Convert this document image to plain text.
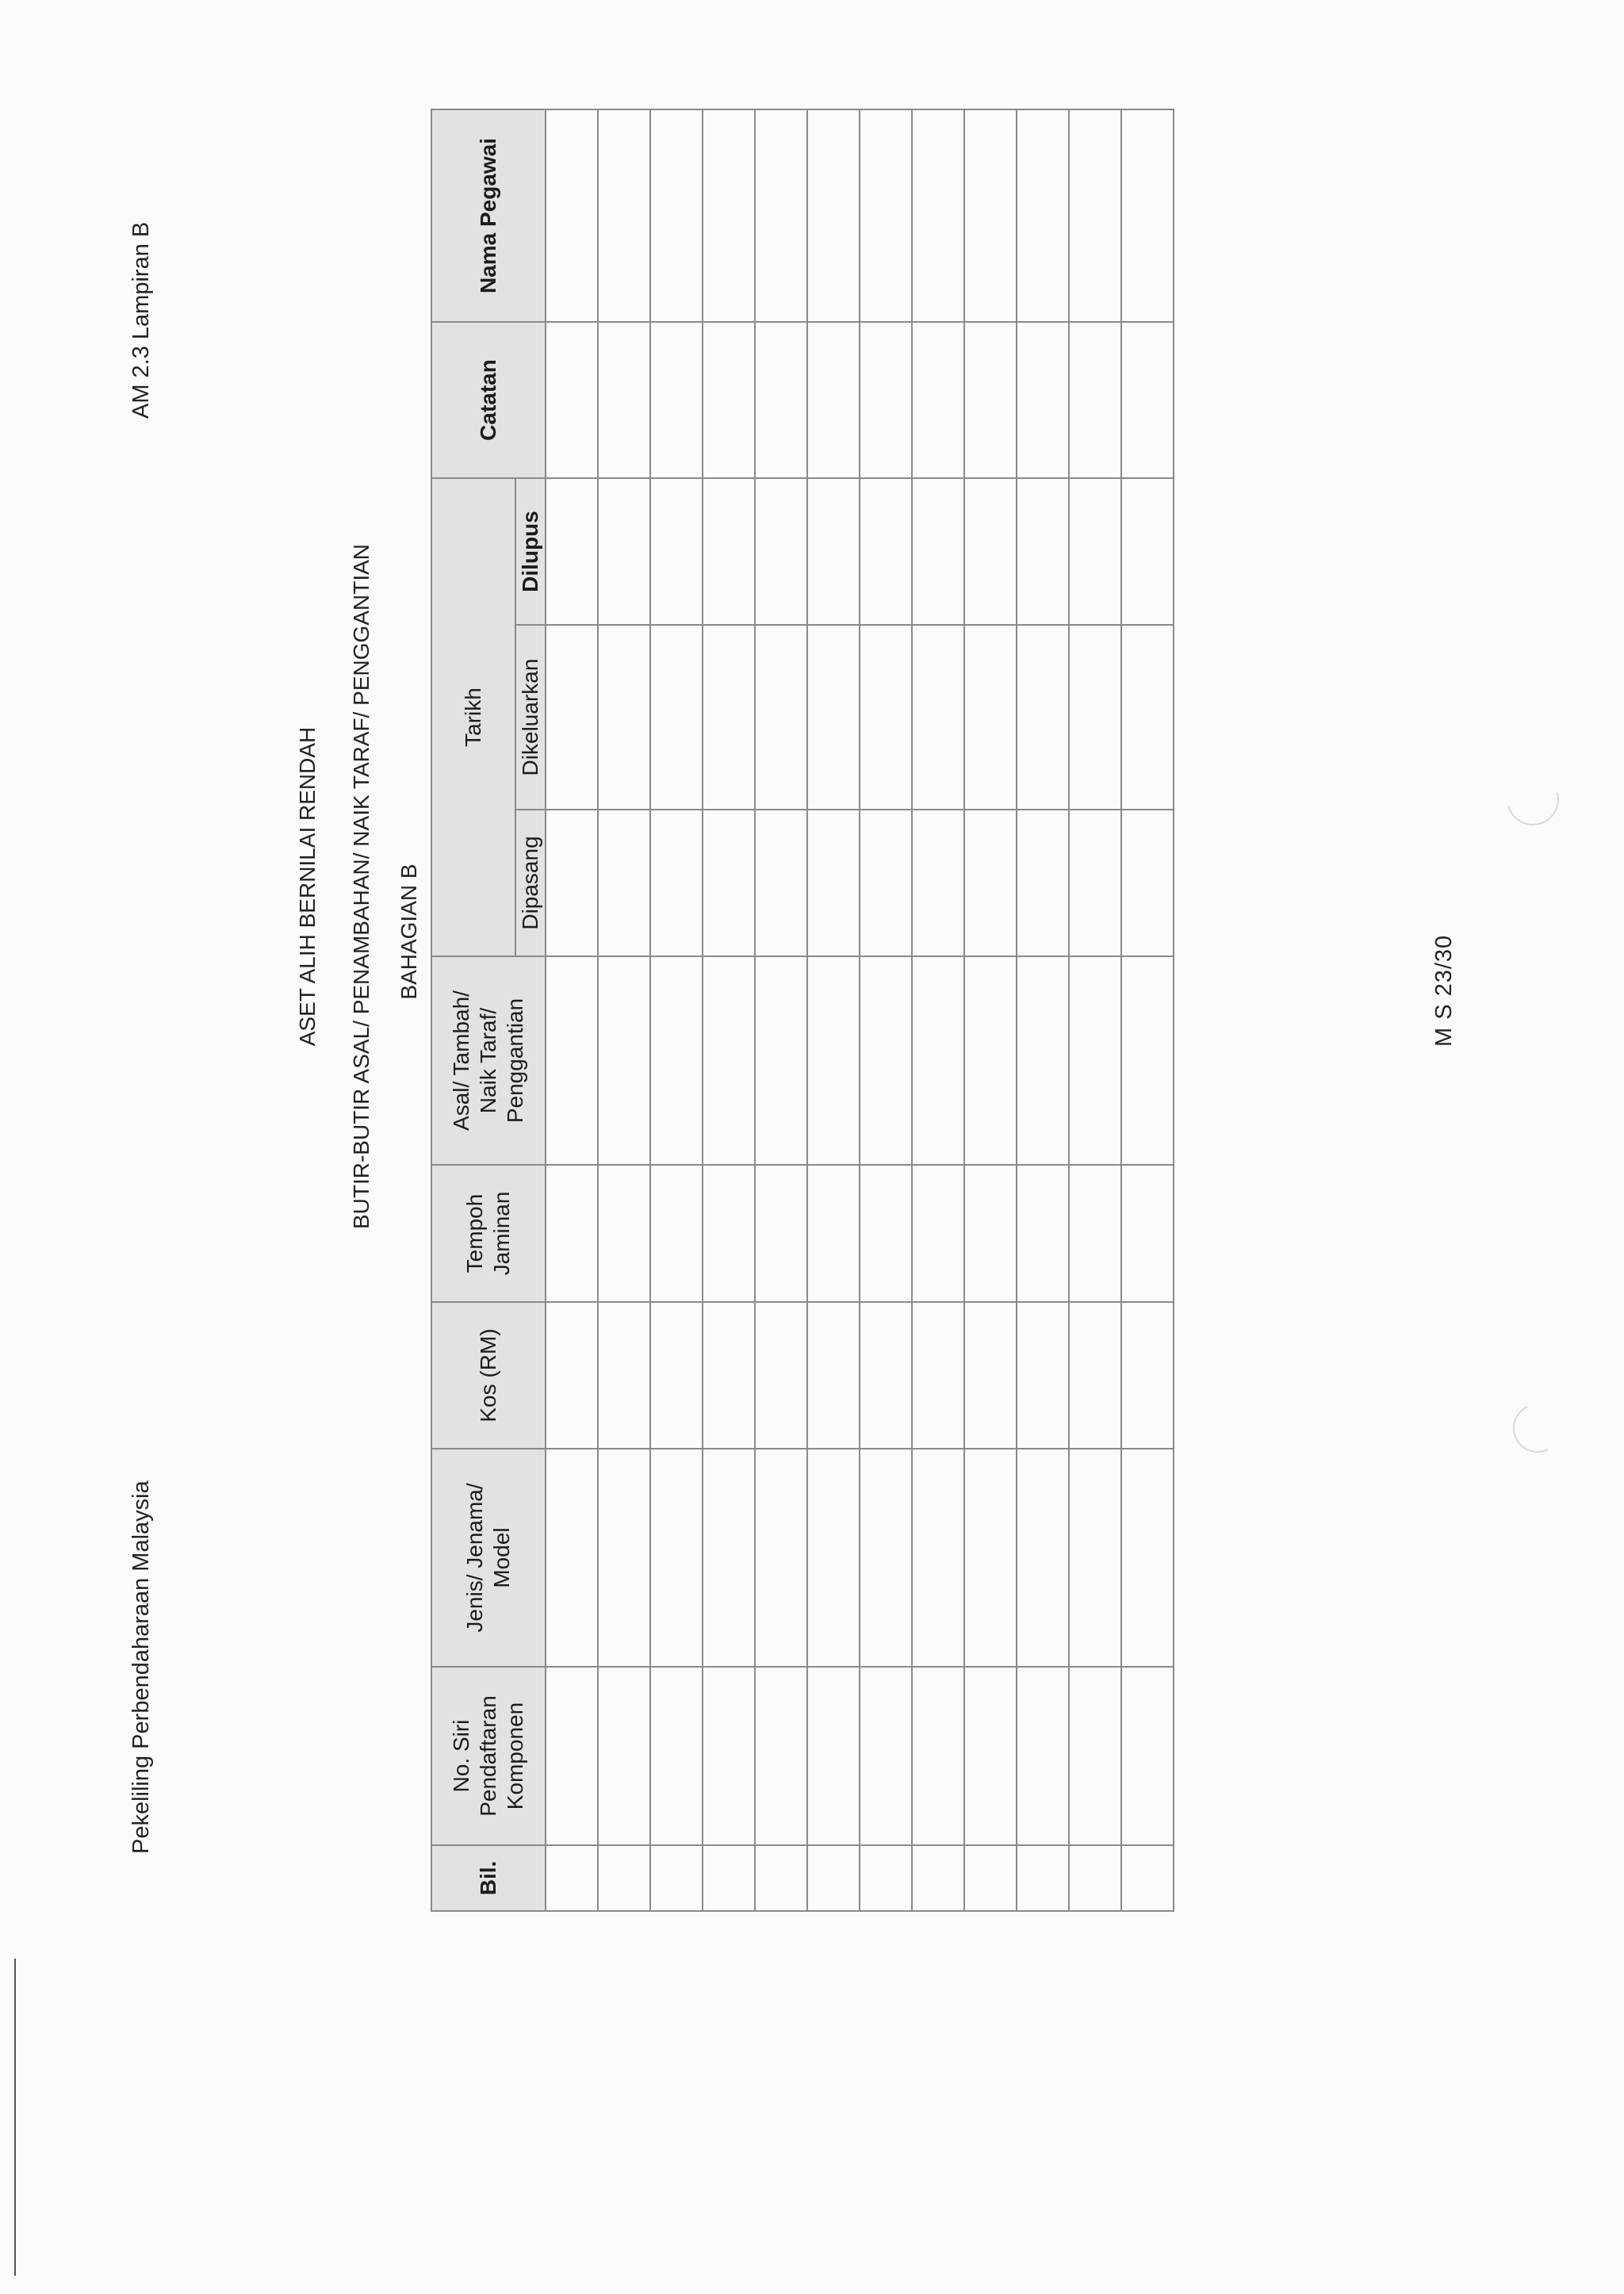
Pekeliling Perbendaharaan Malaysia
AM 2.3 Lampiran B
ASET ALIH BERNILAI RENDAH BUTIR-BUTIR ASAL/ PENAMBAHAN/ NAIK TARAF/ PENGGANTIAN BAHAGIAN B
Bil.	No. Siri Pendaftaran Komponen	Jenis/ Jenama/ Model	Kos (RM)	Tempoh Jaminan	Asal/ Tambah/ Naik Taraf/ Penggantian	Tarikh			Catatan	Nama Pegawai
						Dipasang	Dikeluarkan	Dilupus		

M S 23/30
